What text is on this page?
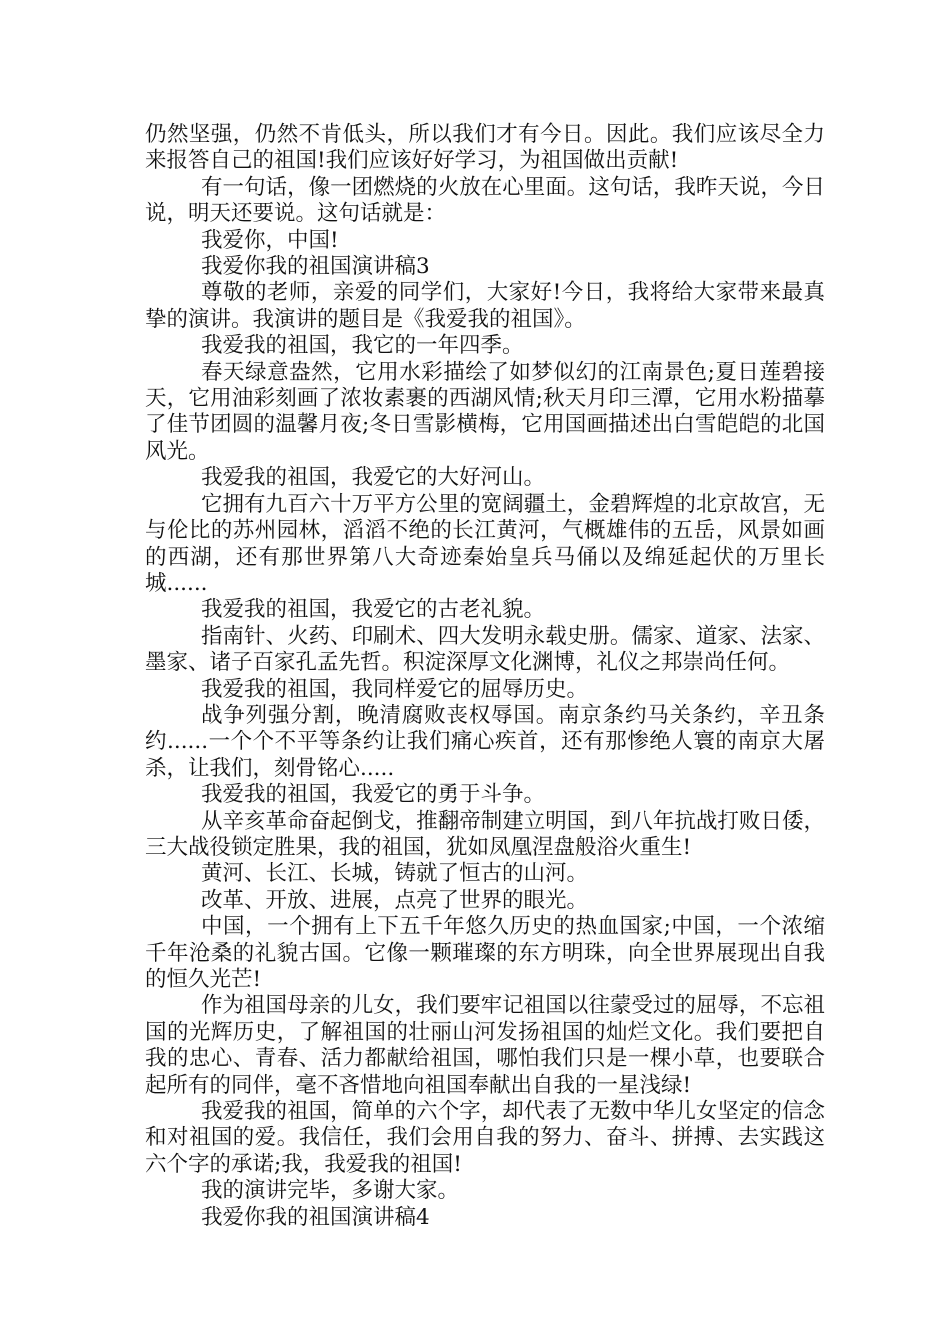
仍然坚强，仍然不肯低头，所以我们才有今日。因此。我们应该尽全力来报答自己的祖国!我们应该好好学习，为祖国做出贡献!

有一句话，像一团燃烧的火放在心里面。这句话，我昨天说，今日说，明天还要说。这句话就是：

我爱你，中国!

我爱你我的祖国演讲稿3

尊敬的老师，亲爱的同学们，大家好!今日，我将给大家带来最真挚的演讲。我演讲的题目是《我爱我的祖国》。

我爱我的祖国，我它的一年四季。

春天绿意盎然，它用水彩描绘了如梦似幻的江南景色;夏日莲碧接天，它用油彩刻画了浓妆素裹的西湖风情;秋天月印三潭，它用水粉描摹了佳节团圆的温馨月夜;冬日雪影横梅，它用国画描述出白雪皑皑的北国风光。

我爱我的祖国，我爱它的大好河山。

它拥有九百六十万平方公里的宽阔疆土，金碧辉煌的北京故宫，无与伦比的苏州园林，滔滔不绝的长江黄河，气概雄伟的五岳，风景如画的西湖，还有那世界第八大奇迹秦始皇兵马俑以及绵延起伏的万里长城......

我爱我的祖国，我爱它的古老礼貌。

指南针、火药、印刷术、四大发明永载史册。儒家、道家、法家、墨家、诸子百家孔孟先哲。积淀深厚文化渊博，礼仪之邦崇尚任何。

我爱我的祖国，我同样爱它的屈辱历史。

战争列强分割，晚清腐败丧权辱国。南京条约马关条约，辛丑条约......一个个不平等条约让我们痛心疾首，还有那惨绝人寰的南京大屠杀，让我们，刻骨铭心.....

我爱我的祖国，我爱它的勇于斗争。

从辛亥革命奋起倒戈，推翻帝制建立明国，到八年抗战打败日倭，三大战役锁定胜果，我的祖国，犹如凤凰涅盘般浴火重生!

黄河、长江、长城，铸就了恒古的山河。

改革、开放、进展，点亮了世界的眼光。

中国，一个拥有上下五千年悠久历史的热血国家;中国，一个浓缩千年沧桑的礼貌古国。它像一颗璀璨的东方明珠，向全世界展现出自我的恒久光芒!

作为祖国母亲的儿女，我们要牢记祖国以往蒙受过的屈辱，不忘祖国的光辉历史，了解祖国的壮丽山河发扬祖国的灿烂文化。我们要把自我的忠心、青春、活力都献给祖国，哪怕我们只是一棵小草，也要联合起所有的同伴，毫不吝惜地向祖国奉献出自我的一星浅绿!

我爱我的祖国，简单的六个字，却代表了无数中华儿女坚定的信念和对祖国的爱。我信任，我们会用自我的努力、奋斗、拼搏、去实践这六个字的承诺;我，我爱我的祖国!

我的演讲完毕，多谢大家。

我爱你我的祖国演讲稿4
